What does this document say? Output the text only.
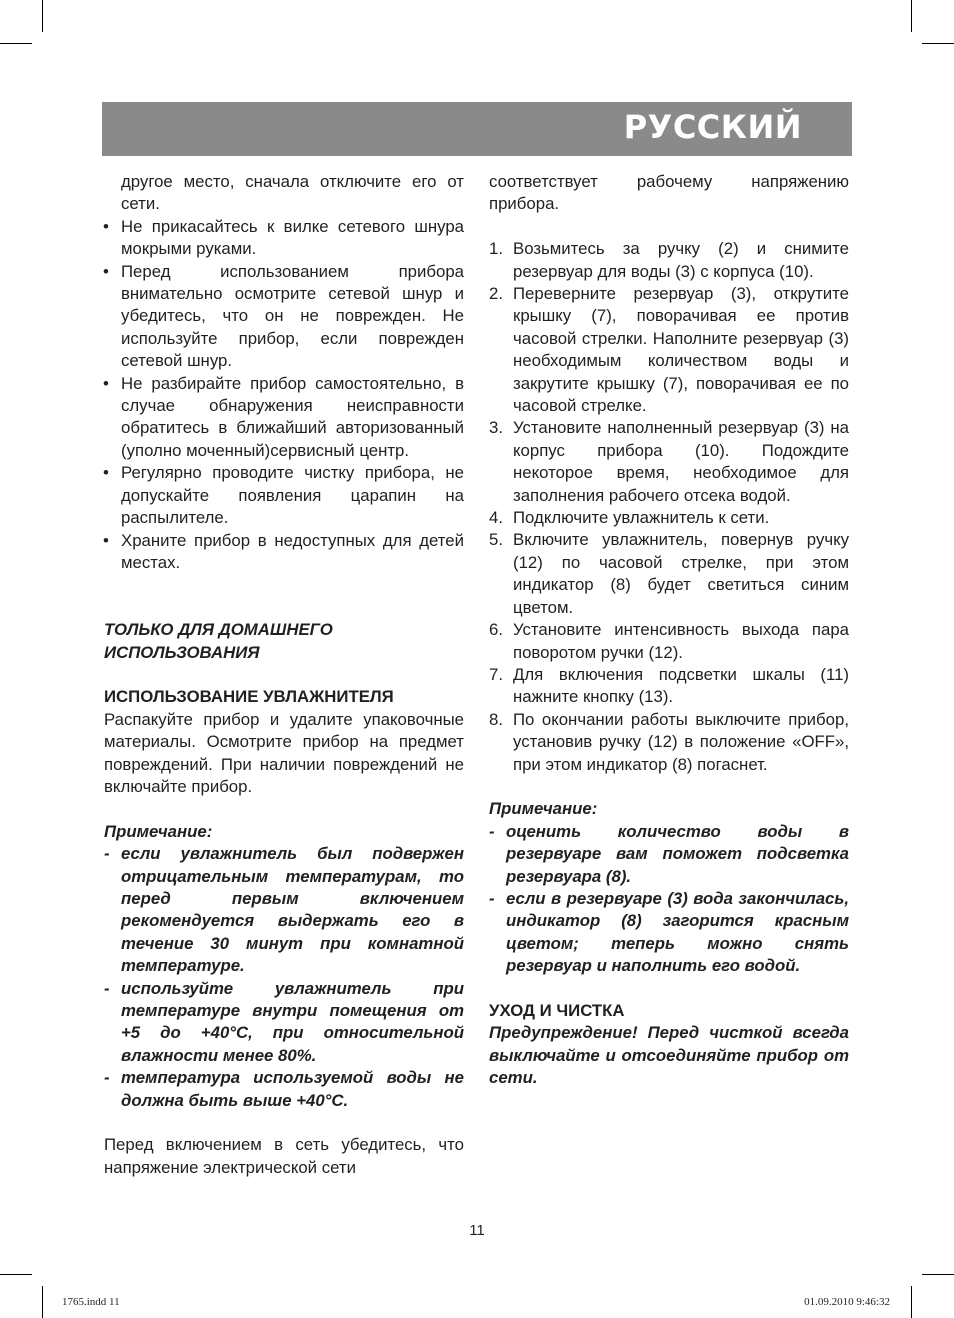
РУССКИЙ
другое место, сначала отключите его от сети.
• Не прикасайтесь к вилке сетевого шнура мокрыми руками.
• Перед использованием прибора внимательно осмотрите сетевой шнур и убедитесь, что он не поврежден. Не используйте прибор, если поврежден сетевой шнур.
• Не разбирайте прибор самостоятельно, в случае обнаружения неисправности обратитесь в ближайший авторизованный (уполно моченный)сервисный центр.
• Регулярно проводите чистку прибора, не допускайте появления царапин на распылителе.
• Храните прибор в недоступных для детей местах.
ТОЛЬКО ДЛЯ ДОМАШНЕГО
ИСПОЛЬЗОВАНИЯ
ИСПОЛЬЗОВАНИЕ УВЛАЖНИТЕЛЯ
Распакуйте прибор и удалите упаковочные материалы. Осмотрите прибор на предмет повреждений. При наличии повреждений не включайте прибор.
Примечание:
- если увлажнитель был подвержен отрицательным температурам, то перед первым включением рекомендуется выдержать его в течение 30 минут при комнатной температуре.
- используйте увлажнитель при температуре внутри помещения от +5 до +40°С, при относительной влажности менее 80%.
- температура используемой воды не должна быть выше +40°С.
Перед включением в сеть убедитесь, что напряжение электрической сети
соответствует рабочему напряжению прибора.
1. Возьмитесь за ручку (2) и снимите резервуар для воды (3) с корпуса (10).
2. Переверните резервуар (3), открутите крышку (7), поворачивая ее против часовой стрелки. Наполните резервуар (3) необходимым количеством воды и закрутите крышку (7), поворачивая ее по часовой стрелке.
3. Установите наполненный резервуар (3) на корпус прибора (10). Подождите некоторое время, необходимое для заполнения рабочего отсека водой.
4. Подключите увлажнитель к сети.
5. Включите увлажнитель, повернув ручку (12) по часовой стрелке, при этом индикатор (8) будет светиться синим цветом.
6. Установите интенсивность выхода пара поворотом ручки (12).
7. Для включения подсветки шкалы (11) нажните кнопку (13).
8. По окончании работы выключите прибор, установив ручку (12) в положение «OFF», при этом индикатор (8) погаснет.
Примечание:
- оценить количество воды в резервуаре вам поможет подсветка резервуара (8).
- если в резервуаре (3) вода закончилась, индикатор (8) загорится красным цветом; теперь можно снять резервуар и наполнить его водой.
УХОД И ЧИСТКА
Предупреждение! Перед чисткой всегда выключайте и отсоединяйте прибор от сети.
11
1765.indd 11	01.09.2010 9:46:32
